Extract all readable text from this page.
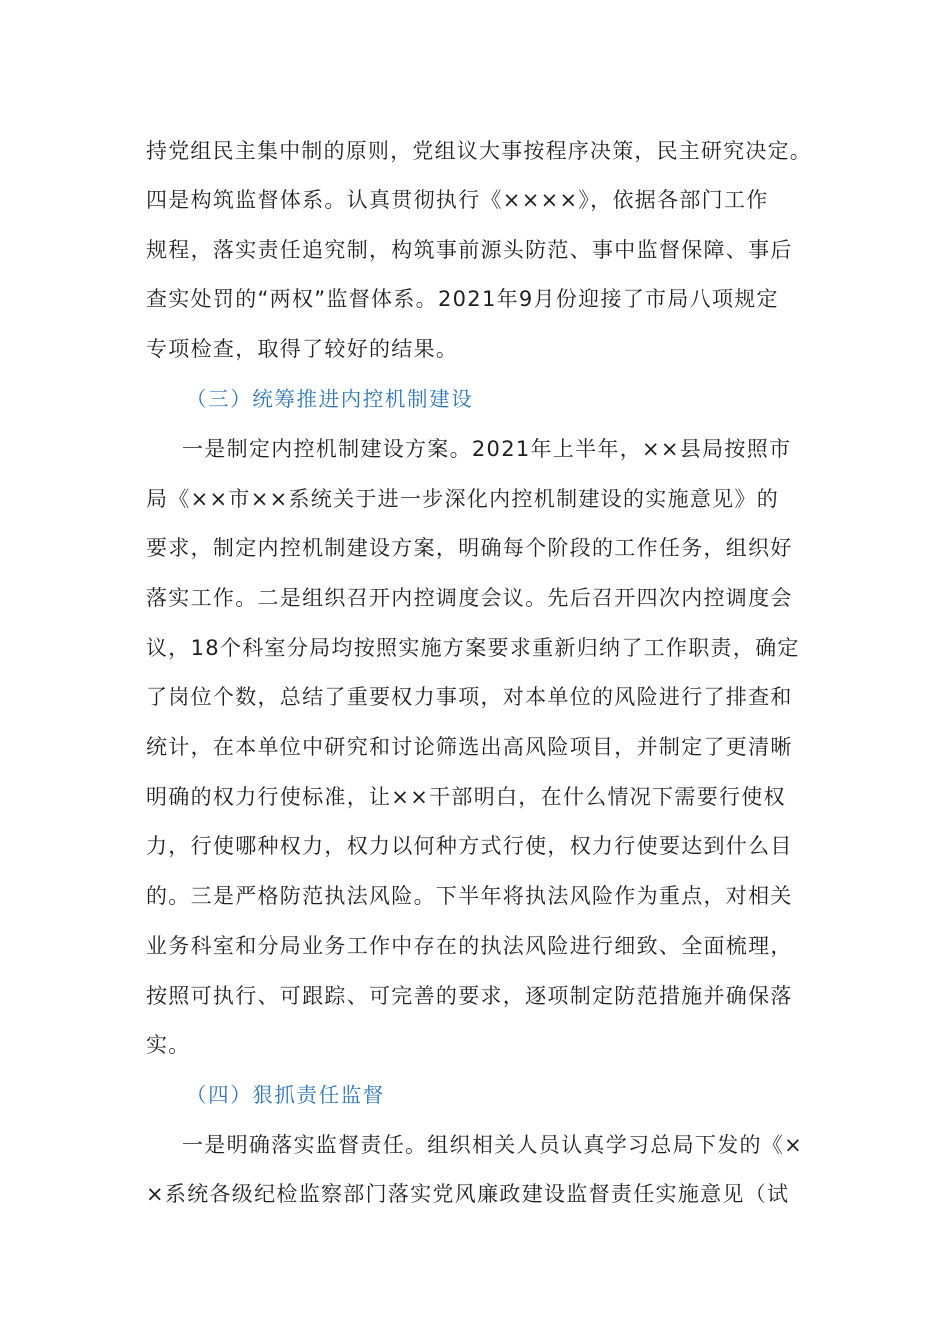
持党组民主集中制的原则，党组议大事按程序决策，民主研究决定。
四是构筑监督体系。认真贯彻执行《××××》，依据各部门工作
规程，落实责任追究制，构筑事前源头防范、事中监督保障、事后
查实处罚的“两权”监督体系。2021年9月份迎接了市局八项规定
专项检查，取得了较好的结果。
（三）统筹推进内控机制建设
一是制定内控机制建设方案。2021年上半年，××县局按照市
局《××市××系统关于进一步深化内控机制建设的实施意见》的
要求，制定内控机制建设方案，明确每个阶段的工作任务，组织好
落实工作。二是组织召开内控调度会议。先后召开四次内控调度会
议，18个科室分局均按照实施方案要求重新归纳了工作职责，确定
了岗位个数，总结了重要权力事项，对本单位的风险进行了排查和
统计，在本单位中研究和讨论筛选出高风险项目，并制定了更清晰
明确的权力行使标准，让××干部明白，在什么情况下需要行使权
力，行使哪种权力，权力以何种方式行使，权力行使要达到什么目
的。三是严格防范执法风险。下半年将执法风险作为重点，对相关
业务科室和分局业务工作中存在的执法风险进行细致、全面梳理，
按照可执行、可跟踪、可完善的要求，逐项制定防范措施并确保落
实。
（四）狠抓责任监督
一是明确落实监督责任。组织相关人员认真学习总局下发的《×
×系统各级纪检监察部门落实党风廉政建设监督责任实施意见（试
